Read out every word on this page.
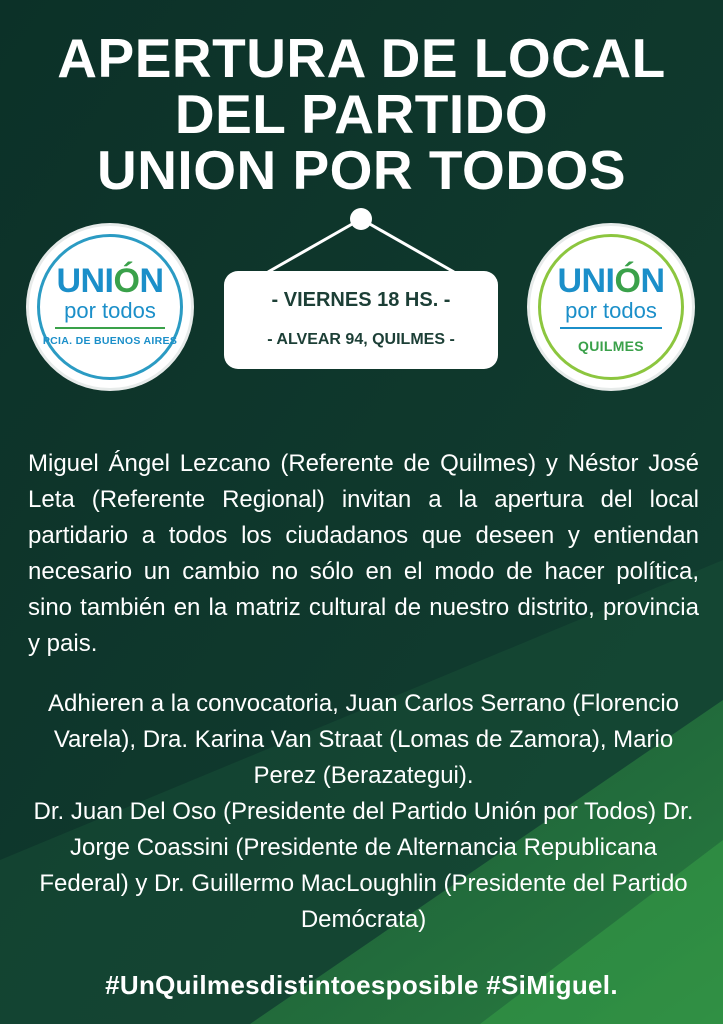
APERTURA DE LOCAL
DEL PARTIDO
UNION POR TODOS
UNIÓN
por todos
PCIA. DE BUENOS AIRES
UNIÓN
por todos
QUILMES
- VIERNES 18 HS. -
- ALVEAR 94, QUILMES -
Miguel Ángel Lezcano (Referente de Quilmes) y Néstor José Leta (Referente Regional) invitan a la apertura del local partidario a todos los ciudadanos que deseen y entiendan necesario un cambio no sólo en el modo de hacer política, sino también en la matriz cultural de nuestro distrito, provincia y pais.
Adhieren a la convocatoria, Juan Carlos Serrano (Florencio Varela), Dra. Karina Van Straat (Lomas de Zamora), Mario Perez (Berazategui).
Dr. Juan Del Oso (Presidente del Partido Unión por Todos) Dr. Jorge Coassini (Presidente de Alternancia Republicana Federal) y Dr. Guillermo MacLoughlin (Presidente del Partido Demócrata)
#UnQuilmesdistintoesposible #SiMiguel.
